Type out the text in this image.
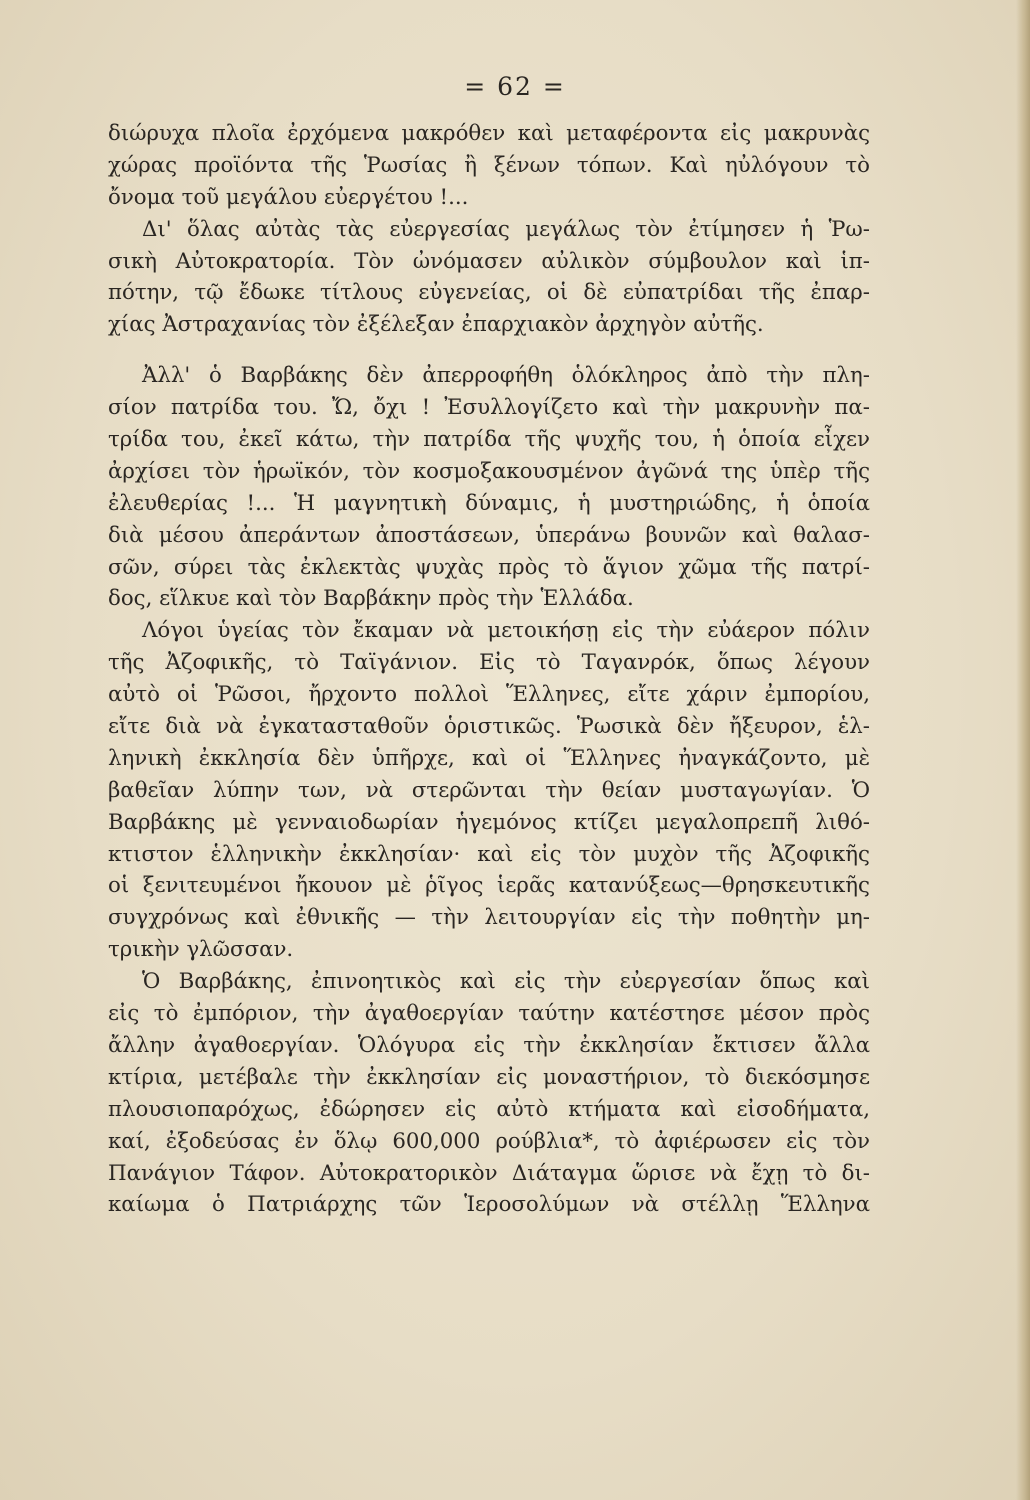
= 62 =
διώρυχα πλοῖα ἐρχόμενα μακρόθεν καὶ μεταφέροντα εἰς μακρυνὰς
χώρας προϊόντα τῆς Ῥωσίας ἢ ξένων τόπων. Καὶ ηὐλόγουν τὸ
ὄνομα τοῦ μεγάλου εὐεργέτου !...
Δι' ὅλας αὐτὰς τὰς εὐεργεσίας μεγάλως τὸν ἐτίμησεν ἡ Ῥω-
σικὴ Αὐτοκρατορία. Τὸν ὠνόμασεν αὐλικὸν σύμβουλον καὶ ἱπ-
πότην, τῷ ἔδωκε τίτλους εὐγενείας, οἱ δὲ εὐπατρίδαι τῆς ἐπαρ-
χίας Ἀστραχανίας τὸν ἐξέλεξαν ἐπαρχιακὸν ἀρχηγὸν αὐτῆς.
Ἀλλ' ὁ Βαρβάκης δὲν ἀπερροφήθη ὁλόκληρος ἀπὸ τὴν πλη-
σίον πατρίδα του. Ὤ, ὄχι ! Ἐσυλλογίζετο καὶ τὴν μακρυνὴν πα-
τρίδα του, ἐκεῖ κάτω, τὴν πατρίδα τῆς ψυχῆς του, ἡ ὁποία εἶχεν
ἀρχίσει τὸν ἡρωϊκόν, τὸν κοσμοξακουσμένον ἀγῶνά της ὑπὲρ τῆς
ἐλευθερίας !... Ἡ μαγνητικὴ δύναμις, ἡ μυστηριώδης, ἡ ὁποία
διὰ μέσου ἀπεράντων ἀποστάσεων, ὑπεράνω βουνῶν καὶ θαλασ-
σῶν, σύρει τὰς ἐκλεκτὰς ψυχὰς πρὸς τὸ ἅγιον χῶμα τῆς πατρί-
δος, εἵλκυε καὶ τὸν Βαρβάκην πρὸς τὴν Ἑλλάδα.
Λόγοι ὑγείας τὸν ἔκαμαν νὰ μετοικήσῃ εἰς τὴν εὐάερον πόλιν
τῆς Ἀζοφικῆς, τὸ Ταϊγάνιον. Εἰς τὸ Ταγανρόκ, ὅπως λέγουν
αὐτὸ οἱ Ῥῶσοι, ἤρχοντο πολλοὶ Ἕλληνες, εἴτε χάριν ἐμπορίου,
εἴτε διὰ νὰ ἐγκατασταθοῦν ὁριστικῶς. Ῥωσικὰ δὲν ἤξευρον, ἑλ-
ληνικὴ ἐκκλησία δὲν ὑπῆρχε, καὶ οἱ Ἕλληνες ἠναγκάζοντο, μὲ
βαθεῖαν λύπην των, νὰ στερῶνται τὴν θείαν μυσταγωγίαν. Ὁ
Βαρβάκης μὲ γενναιοδωρίαν ἡγεμόνος κτίζει μεγαλοπρεπῆ λιθό-
κτιστον ἑλληνικὴν ἐκκλησίαν· καὶ εἰς τὸν μυχὸν τῆς Ἀζοφικῆς
οἱ ξενιτευμένοι ἤκουον μὲ ῥῖγος ἱερᾶς κατανύξεως—θρησκευτικῆς
συγχρόνως καὶ ἐθνικῆς — τὴν λειτουργίαν εἰς τὴν ποθητὴν μη-
τρικὴν γλῶσσαν.
Ὁ Βαρβάκης, ἐπινοητικὸς καὶ εἰς τὴν εὐεργεσίαν ὅπως καὶ
εἰς τὸ ἐμπόριον, τὴν ἀγαθοεργίαν ταύτην κατέστησε μέσον πρὸς
ἄλλην ἀγαθοεργίαν. Ὁλόγυρα εἰς τὴν ἐκκλησίαν ἔκτισεν ἄλλα
κτίρια, μετέβαλε τὴν ἐκκλησίαν εἰς μοναστήριον, τὸ διεκόσμησε
πλουσιοπαρόχως, ἐδώρησεν εἰς αὐτὸ κτήματα καὶ εἰσοδήματα,
καί, ἐξοδεύσας ἐν ὅλῳ 600,000 ρούβλια*, τὸ ἀφιέρωσεν εἰς τὸν
Πανάγιον Τάφον. Αὐτοκρατορικὸν Διάταγμα ὥρισε νὰ ἔχῃ τὸ δι-
καίωμα ὁ Πατριάρχης τῶν Ἱεροσολύμων νὰ στέλλῃ Ἕλληνα
